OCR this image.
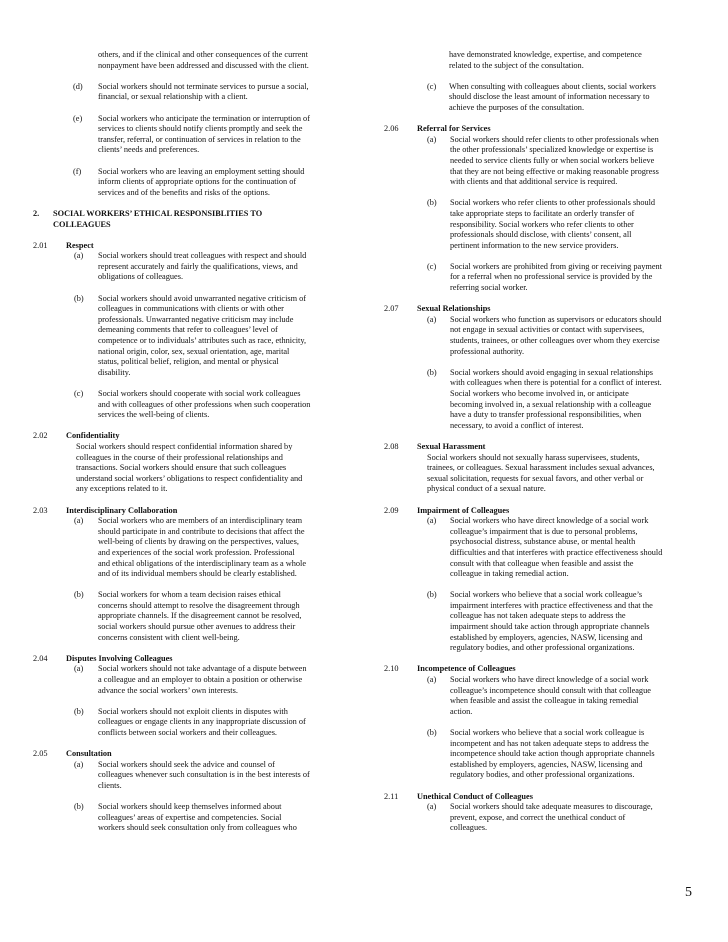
others, and if the clinical and other consequences of the current
nonpayment have been addressed and discussed with the client.
(d) Social workers should not terminate services to pursue a social,
financial, or sexual relationship with a client.
(e) Social workers who anticipate the termination or interruption of
services to clients should notify clients promptly and seek the
transfer, referral, or continuation of services in relation to the
clients’ needs and preferences.
(f) Social workers who are leaving an employment setting should
inform clients of appropriate options for the continuation of
services and of the benefits and risks of the options.
2. SOCIAL WORKERS’ ETHICAL RESPONSIBLITIES TO
COLLEAGUES
2.01 Respect
(a) Social workers should treat colleagues with respect and should
represent accurately and fairly the qualifications, views, and
obligations of colleagues.
(b) Social workers should avoid unwarranted negative criticism of
colleagues in communications with clients or with other
professionals. Unwarranted negative criticism may include
demeaning comments that refer to colleagues’ level of
competence or to individuals’ attributes such as race, ethnicity,
national origin, color, sex, sexual orientation, age, marital
status, political belief, religion, and mental or physical
disability.
(c) Social workers should cooperate with social work colleagues
and with colleagues of other professions when such cooperation
services the well-being of clients.
2.02 Confidentiality
Social workers should respect confidential information shared by
colleagues in the course of their professional relationships and
transactions. Social workers should ensure that such colleagues
understand social workers’ obligations to respect confidentiality and
any exceptions related to it.
2.03 Interdisciplinary Collaboration
(a) Social workers who are members of an interdisciplinary team
should participate in and contribute to decisions that affect the
well-being of clients by drawing on the perspectives, values,
and experiences of the social work profession. Professional
and ethical obligations of the interdisciplinary team as a whole
and of its individual members should be clearly established.
(b) Social workers for whom a team decision raises ethical
concerns should attempt to resolve the disagreement through
appropriate channels. If the disagreement cannot be resolved,
social workers should pursue other avenues to address their
concerns consistent with client well-being.
2.04 Disputes Involving Colleagues
(a) Social workers should not take advantage of a dispute between
a colleague and an employer to obtain a position or otherwise
advance the social workers’ own interests.
(b) Social workers should not exploit clients in disputes with
colleagues or engage clients in any inappropriate discussion of
conflicts between social workers and their colleagues.
2.05 Consultation
(a) Social workers should seek the advice and counsel of
colleagues whenever such consultation is in the best interests of
clients.
(b) Social workers should keep themselves informed about
colleagues’ areas of expertise and competencies. Social
workers should seek consultation only from colleagues who
have demonstrated knowledge, expertise, and competence
related to the subject of the consultation.
(c) When consulting with colleagues about clients, social workers
should disclose the least amount of information necessary to
achieve the purposes of the consultation.
2.06 Referral for Services
(a) Social workers should refer clients to other professionals when
the other professionals’ specialized knowledge or expertise is
needed to service clients fully or when social workers believe
that they are not being effective or making reasonable progress
with clients and that additional service is required.
(b) Social workers who refer clients to other professionals should
take appropriate steps to facilitate an orderly transfer of
responsibility. Social workers who refer clients to other
professionals should disclose, with clients’ consent, all
pertinent information to the new service providers.
(c) Social workers are prohibited from giving or receiving payment
for a referral when no professional service is provided by the
referring social worker.
2.07 Sexual Relationships
(a) Social workers who function as supervisors or educators should
not engage in sexual activities or contact with supervisees,
students, trainees, or other colleagues over whom they exercise
professional authority.
(b) Social workers should avoid engaging in sexual relationships
with colleagues when there is potential for a conflict of interest.
Social workers who become involved in, or anticipate
becoming involved in, a sexual relationship with a colleague
have a duty to transfer professional responsibilities, when
necessary, to avoid a conflict of interest.
2.08 Sexual Harassment
Social workers should not sexually harass supervisees, students,
trainees, or colleagues. Sexual harassment includes sexual advances,
sexual solicitation, requests for sexual favors, and other verbal or
physical conduct of a sexual nature.
2.09 Impairment of Colleagues
(a) Social workers who have direct knowledge of a social work
colleague’s impairment that is due to personal problems,
psychosocial distress, substance abuse, or mental health
difficulties and that interferes with practice effectiveness should
consult with that colleague when feasible and assist the
colleague in taking remedial action.
(b) Social workers who believe that a social work colleague’s
impairment interferes with practice effectiveness and that the
colleague has not taken adequate steps to address the
impairment should take action through appropriate channels
established by employers, agencies, NASW, licensing and
regulatory bodies, and other professional organizations.
2.10 Incompetence of Colleagues
(a) Social workers who have direct knowledge of a social work
colleague’s incompetence should consult with that colleague
when feasible and assist the colleague in taking remedial
action.
(b) Social workers who believe that a social work colleague is
incompetent and has not taken adequate steps to address the
incompetence should take action though appropriate channels
established by employers, agencies, NASW, licensing and
regulatory bodies, and other professional organizations.
2.11 Unethical Conduct of Colleagues
(a) Social workers should take adequate measures to discourage,
prevent, expose, and correct the unethical conduct of
colleagues.
5
